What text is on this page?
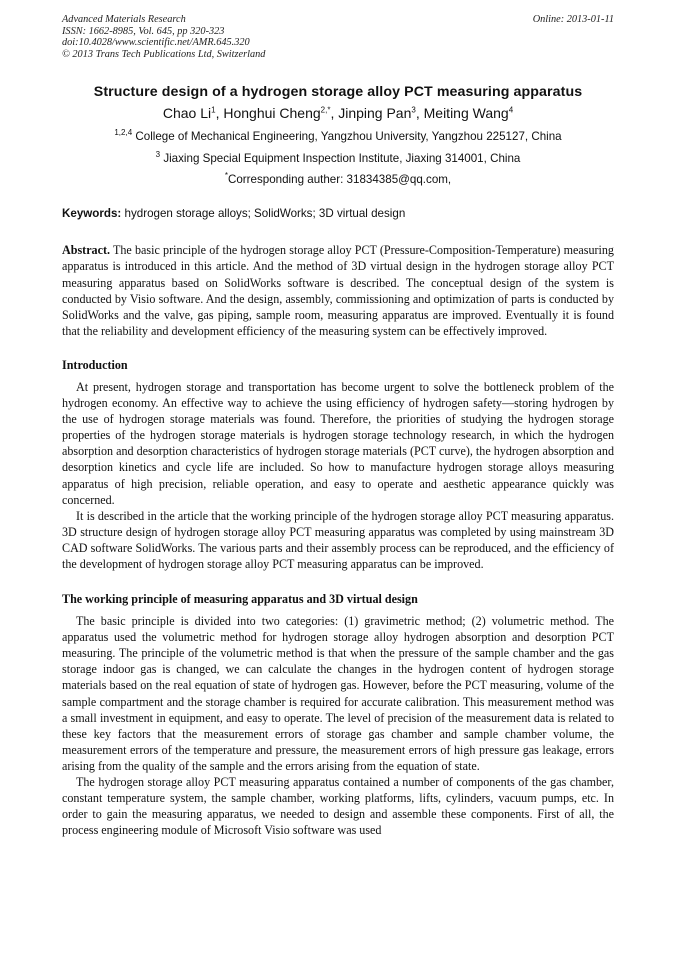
Advanced Materials Research
ISSN: 1662-8985, Vol. 645, pp 320-323
doi:10.4028/www.scientific.net/AMR.645.320
© 2013 Trans Tech Publications Ltd, Switzerland
Online: 2013-01-11
Structure design of a hydrogen storage alloy PCT measuring apparatus
Chao Li$^1$, Honghui Cheng$^{2,*}$, Jinping Pan$^3$, Meiting Wang$^4$
$^{1,2,4}$ College of Mechanical Engineering, Yangzhou University, Yangzhou 225127, China
$^3$ Jiaxing Special Equipment Inspection Institute, Jiaxing 314001, China
*Corresponding auther: 31834385@qq.com,
Keywords: hydrogen storage alloys; SolidWorks; 3D virtual design

Abstract. The basic principle of the hydrogen storage alloy PCT (Pressure-Composition-Temperature) measuring apparatus is introduced in this article. And the method of 3D virtual design in the hydrogen storage alloy PCT measuring apparatus based on SolidWorks software is described. The conceptual design of the system is conducted by Visio software. And the design, assembly, commissioning and optimization of parts is conducted by SolidWorks and the valve, gas piping, sample room, measuring apparatus are improved. Eventually it is found that the reliability and development efficiency of the measuring system can be effectively improved.

Introduction

At present, hydrogen storage and transportation has become urgent to solve the bottleneck problem of the hydrogen economy. An effective way to achieve the using efficiency of hydrogen safety—storing hydrogen by the use of hydrogen storage materials was found. Therefore, the priorities of studying the hydrogen storage properties of the hydrogen storage materials is hydrogen storage technology research, in which the hydrogen absorption and desorption characteristics of hydrogen storage materials (PCT curve), the hydrogen absorption and desorption kinetics and cycle life are included. So how to manufacture hydrogen storage alloys measuring apparatus of high precision, reliable operation, and easy to operate and aesthetic appearance quickly was concerned.

It is described in the article that the working principle of the hydrogen storage alloy PCT measuring apparatus. 3D structure design of hydrogen storage alloy PCT measuring apparatus was completed by using mainstream 3D CAD software SolidWorks. The various parts and their assembly process can be reproduced, and the efficiency of the development of hydrogen storage alloy PCT measuring apparatus can be improved.

The working principle of measuring apparatus and 3D virtual design

The basic principle is divided into two categories: (1) gravimetric method; (2) volumetric method. The apparatus used the volumetric method for hydrogen storage alloy hydrogen absorption and desorption PCT measuring. The principle of the volumetric method is that when the pressure of the sample chamber and the gas storage indoor gas is changed, we can calculate the changes in the hydrogen content of hydrogen storage materials based on the real equation of state of hydrogen gas. However, before the PCT measuring, volume of the sample compartment and the storage chamber is required for accurate calibration. This measurement method was a small investment in equipment, and easy to operate. The level of precision of the measurement data is related to these key factors that the measurement errors of storage gas chamber and sample chamber volume, the measurement errors of the temperature and pressure, the measurement errors of high pressure gas leakage, errors arising from the quality of the sample and the errors arising from the equation of state.

The hydrogen storage alloy PCT measuring apparatus contained a number of components of the gas chamber, constant temperature system, the sample chamber, working platforms, lifts, cylinders, vacuum pumps, etc. In order to gain the measuring apparatus, we needed to design and assemble these components. First of all, the process engineering module of Microsoft Visio software was used
